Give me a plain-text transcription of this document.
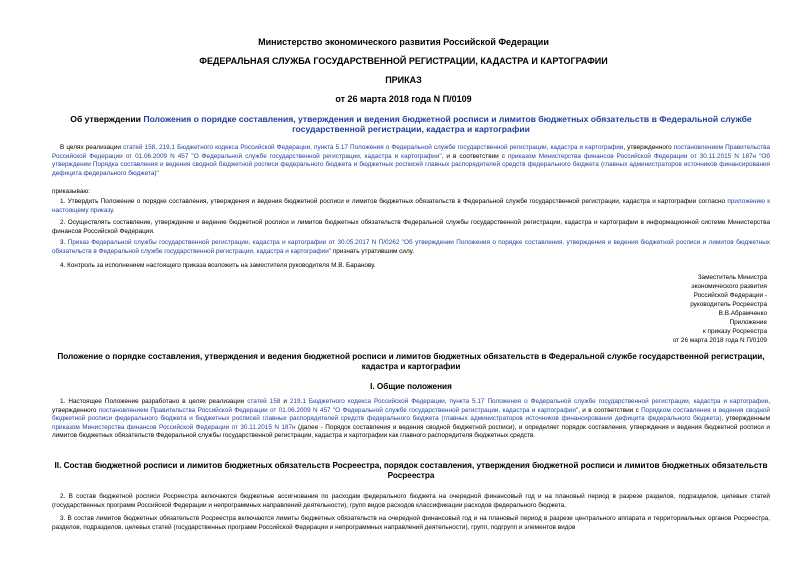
Министерство экономического развития Российской Федерации
ФЕДЕРАЛЬНАЯ СЛУЖБА ГОСУДАРСТВЕННОЙ РЕГИСТРАЦИИ, КАДАСТРА И КАРТОГРАФИИ
ПРИКАЗ
от 26 марта 2018 года N П/0109
Об утверждении Положения о порядке составления, утверждения и ведения бюджетной росписи и лимитов бюджетных обязательств в Федеральной службе государственной регистрации, кадастра и картографии
В целях реализации статей 158, 219.1 Бюджетного кодекса Российской Федерации, пункта 5.17 Положения о Федеральной службе государственной регистрации, кадастра и картографии, утвержденного постановлением Правительства Российской Федерации от 01.06.2009 N 457 "О Федеральной службе государственной регистрации, кадастра и картографии", и в соответствии с приказом Министерства финансов Российской Федерации от 30.11.2015 N 187н "Об утверждении Порядка составления и ведения сводной бюджетной росписи федерального бюджета и бюджетных росписей главных распорядителей средств федерального бюджета (главных администраторов источников финансирования дефицита федерального бюджета)"
приказываю:
1. Утвердить Положение о порядке составления, утверждения и ведения бюджетной росписи и лимитов бюджетных обязательств в Федеральной службе государственной регистрации, кадастра и картографии согласно приложению к настоящему приказу.
2. Осуществлять составление, утверждение и ведение бюджетной росписи и лимитов бюджетных обязательств Федеральной службы государственной регистрации, кадастра и картографии в информационной системе Министерства финансов Российской Федерации.
3. Приказ Федеральной службы государственной регистрации, кадастра и картографии от 30.05.2017 N П/0262 "Об утверждении Положения о порядке составления, утверждения и ведения бюджетной росписи и лимитов бюджетных обязательств в Федеральной службе государственной регистрации, кадастра и картографии" признать утратившим силу.
4. Контроль за исполнением настоящего приказа возложить на заместителя руководителя М.В. Баранову.
Заместитель Министра
экономического развития
Российской Федерации -
руководитель Росреестра
В.В.Абрамченко
Приложение
к приказу Росреестра
от 26 марта 2018 года N П/0109
Положение о порядке составления, утверждения и ведения бюджетной росписи и лимитов бюджетных обязательств в Федеральной службе государственной регистрации, кадастра и картографии
I. Общие положения
1. Настоящее Положение разработано в целях реализации статей 158 и 219.1 Бюджетного кодекса Российской Федерации, пункта 5.17 Положения о Федеральной службе государственной регистрации, кадастра и картографии, утвержденного постановлением Правительства Российской Федерации от 01.06.2009 N 457 "О Федеральной службе государственной регистрации, кадастра и картографии", и в соответствии с Порядком составления и ведения сводной бюджетной росписи федерального бюджета и бюджетных росписей главных распорядителей средств федерального бюджета (главных администраторов источников финансирования дефицита федерального бюджета), утвержденным приказом Министерства финансов Российской Федерации от 30.11.2015 N 187н (далее - Порядок составления и ведения сводной бюджетной росписи), и определяет порядок составления, утверждения и ведения бюджетной росписи и лимитов бюджетных обязательств Федеральной службы государственной регистрации, кадастра и картографии как главного распорядителя бюджетных средств.
II. Состав бюджетной росписи и лимитов бюджетных обязательств Росреестра, порядок составления, утверждения бюджетной росписи и лимитов бюджетных обязательств Росреестра
2. В состав бюджетной росписи Росреестра включаются бюджетные ассигнования по расходам федерального бюджета на очередной финансовый год и на плановый период в разрезе разделов, подразделов, целевых статей (государственных программ Российской Федерации и непрограммных направлений деятельности), групп видов расходов классификации расходов федерального бюджета.
3. В состав лимитов бюджетных обязательств Росреестра включаются лимиты бюджетных обязательств на очередной финансовый год и на плановый период в разрезе центрального аппарата и территориальных органов Росреестра, разделов, подразделов, целевых статей (государственных программ Российской Федерации и непрограммных направлений деятельности), групп, подгрупп и элементов видов
